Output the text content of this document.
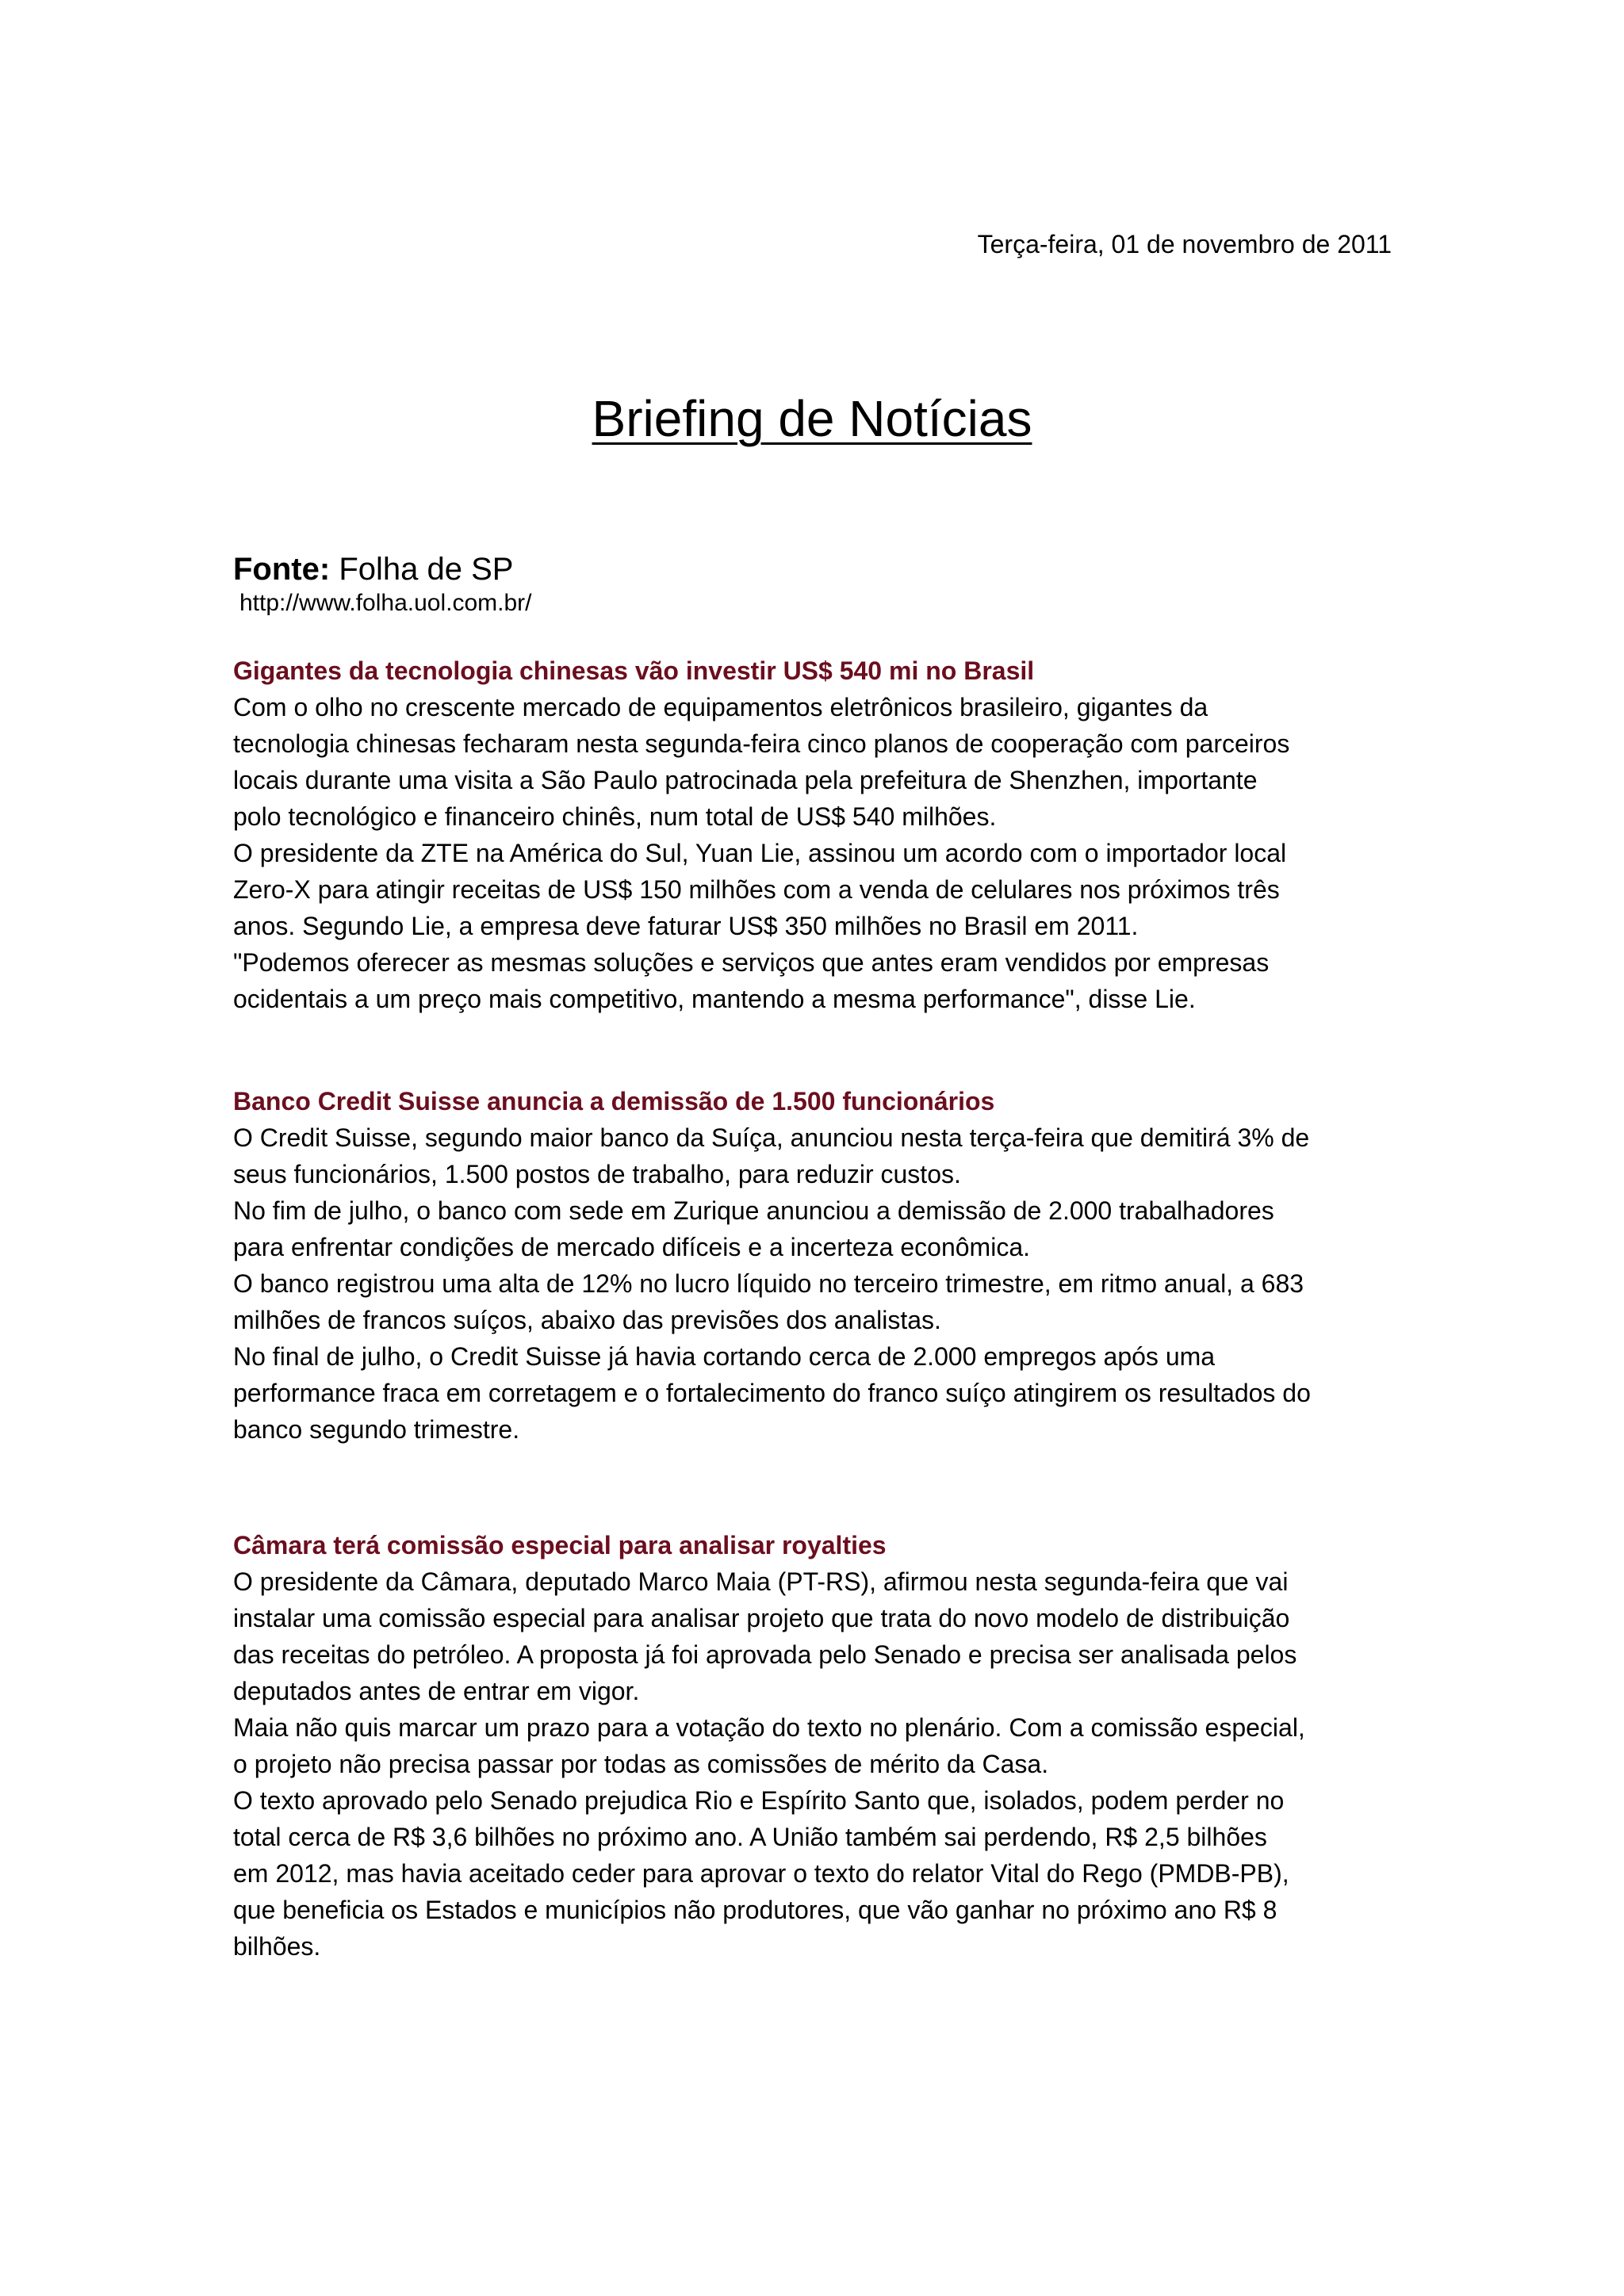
Terça-feira, 01 de novembro de 2011
Briefing de Notícias
Fonte: Folha de SP
http://www.folha.uol.com.br/
Gigantes da tecnologia chinesas vão investir US$ 540 mi no Brasil

Com o olho no crescente mercado de equipamentos eletrônicos brasileiro, gigantes da

tecnologia chinesas fecharam nesta segunda-feira cinco planos de cooperação com parceiros

locais durante uma visita a São Paulo patrocinada pela prefeitura de Shenzhen, importante

polo tecnológico e financeiro chinês, num total de US$ 540 milhões.

O presidente da ZTE na América do Sul, Yuan Lie, assinou um acordo com o importador local

Zero-X para atingir receitas de US$ 150 milhões com a venda de celulares nos próximos três

anos. Segundo Lie, a empresa deve faturar US$ 350 milhões no Brasil em 2011.

"Podemos oferecer as mesmas soluções e serviços que antes eram vendidos por empresas

ocidentais a um preço mais competitivo, mantendo a mesma performance", disse Lie.

Banco Credit Suisse anuncia a demissão de 1.500 funcionários

O Credit Suisse, segundo maior banco da Suíça, anunciou nesta terça-feira que demitirá 3% de

seus funcionários, 1.500 postos de trabalho, para reduzir custos.

No fim de julho, o banco com sede em Zurique anunciou a demissão de 2.000 trabalhadores

para enfrentar condições de mercado difíceis e a incerteza econômica.

O banco registrou uma alta de 12% no lucro líquido no terceiro trimestre, em ritmo anual, a 683

milhões de francos suíços, abaixo das previsões dos analistas.

No final de julho, o Credit Suisse já havia cortando cerca de 2.000 empregos após uma

performance fraca em corretagem e o fortalecimento do franco suíço atingirem os resultados do

banco segundo trimestre.

Câmara terá comissão especial para analisar royalties

O presidente da Câmara, deputado Marco Maia (PT-RS), afirmou nesta segunda-feira que vai

instalar uma comissão especial para analisar projeto que trata do novo modelo de distribuição

das receitas do petróleo. A proposta já foi aprovada pelo Senado e precisa ser analisada pelos

deputados antes de entrar em vigor.

Maia não quis marcar um prazo para a votação do texto no plenário. Com a comissão especial,

o projeto não precisa passar por todas as comissões de mérito da Casa.

O texto aprovado pelo Senado prejudica Rio e Espírito Santo que, isolados, podem perder no

total cerca de R$ 3,6 bilhões no próximo ano. A União também sai perdendo, R$ 2,5 bilhões

em 2012, mas havia aceitado ceder para aprovar o texto do relator Vital do Rego (PMDB-PB),

que beneficia os Estados e municípios não produtores, que vão ganhar no próximo ano R$ 8

bilhões.
